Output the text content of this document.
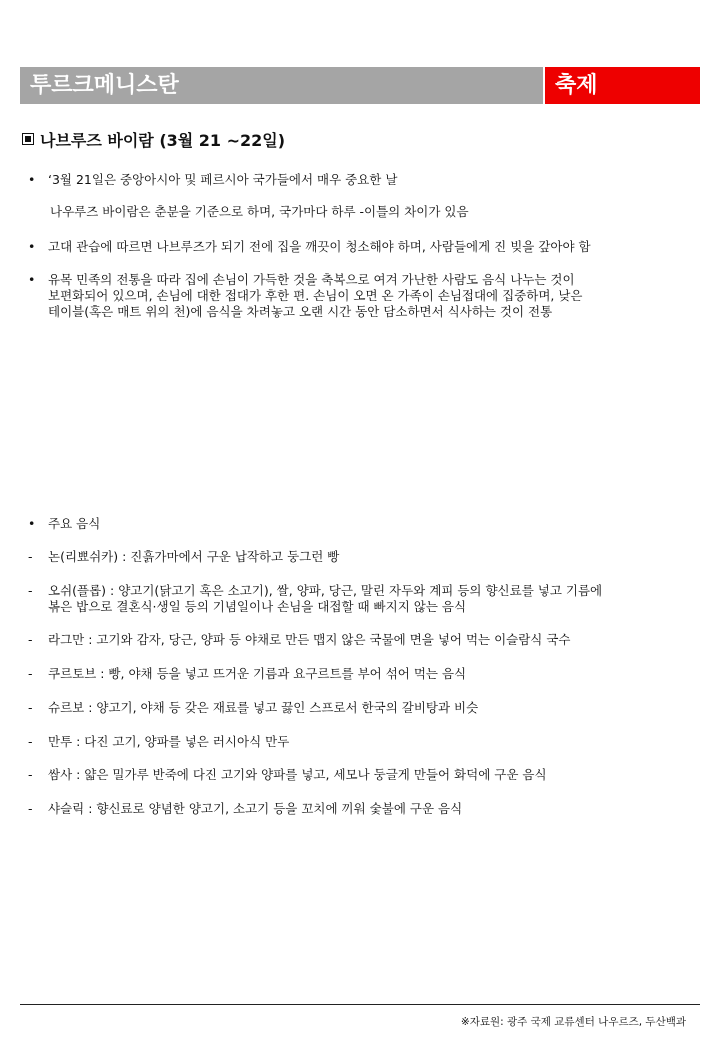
투르크메니스탄	축제
나브루즈 바이람 (3월 21 ~22일)
•	‘3월 21일은 중앙아시아 및 페르시아 국가들에서 매우 중요한 날
나우루즈 바이람은 춘분을 기준으로 하며, 국가마다 하루 -이틀의 차이가 있음
•	고대 관습에 따르면 나브루즈가 되기 전에 집을 깨끗이 청소해야 하며, 사람들에게 진 빚을 갚아야 함
•	유목 민족의 전통을 따라 집에 손님이 가득한 것을 축복으로 여겨 가난한 사람도 음식 나누는 것이
보편화되어 있으며, 손님에 대한 접대가 후한 편. 손님이 오면 온 가족이 손님접대에 집중하며, 낮은
테이블(혹은 매트 위의 천)에 음식을 차려놓고 오랜 시간 동안 담소하면서 식사하는 것이 전통
•	주요 음식
-	논(리뾰쉬카) : 진흙가마에서 구운 납작하고 둥그런 빵
-	오쉬(플롭) : 양고기(닭고기 혹은 소고기), 쌀, 양파, 당근, 말린 자두와 계피 등의 향신료를 넣고 기름에
볶은 밥으로 결혼식·생일 등의 기념일이나 손님을 대접할 때 빠지지 않는 음식
-	라그만 : 고기와 감자, 당근, 양파 등 야채로 만든 맵지 않은 국물에 면을 넣어 먹는 이슬람식 국수
-	쿠르토브 : 빵, 야채 등을 넣고 뜨거운 기름과 요구르트를 부어 섞어 먹는 음식
-	슈르보 : 양고기, 야채 등 갖은 재료를 넣고 끓인 스프로서 한국의 갈비탕과 비슷
-	만투 : 다진 고기, 양파를 넣은 러시아식 만두
-	쌈사 : 얇은 밀가루 반죽에 다진 고기와 양파를 넣고, 세모나 둥글게 만들어 화덕에 구운 음식
-	샤슬릭 : 향신료로 양념한 양고기, 소고기 등을 꼬치에 끼워 숯불에 구운 음식
※자료원: 광주 국제 교류센터 나우르즈, 두산백과
